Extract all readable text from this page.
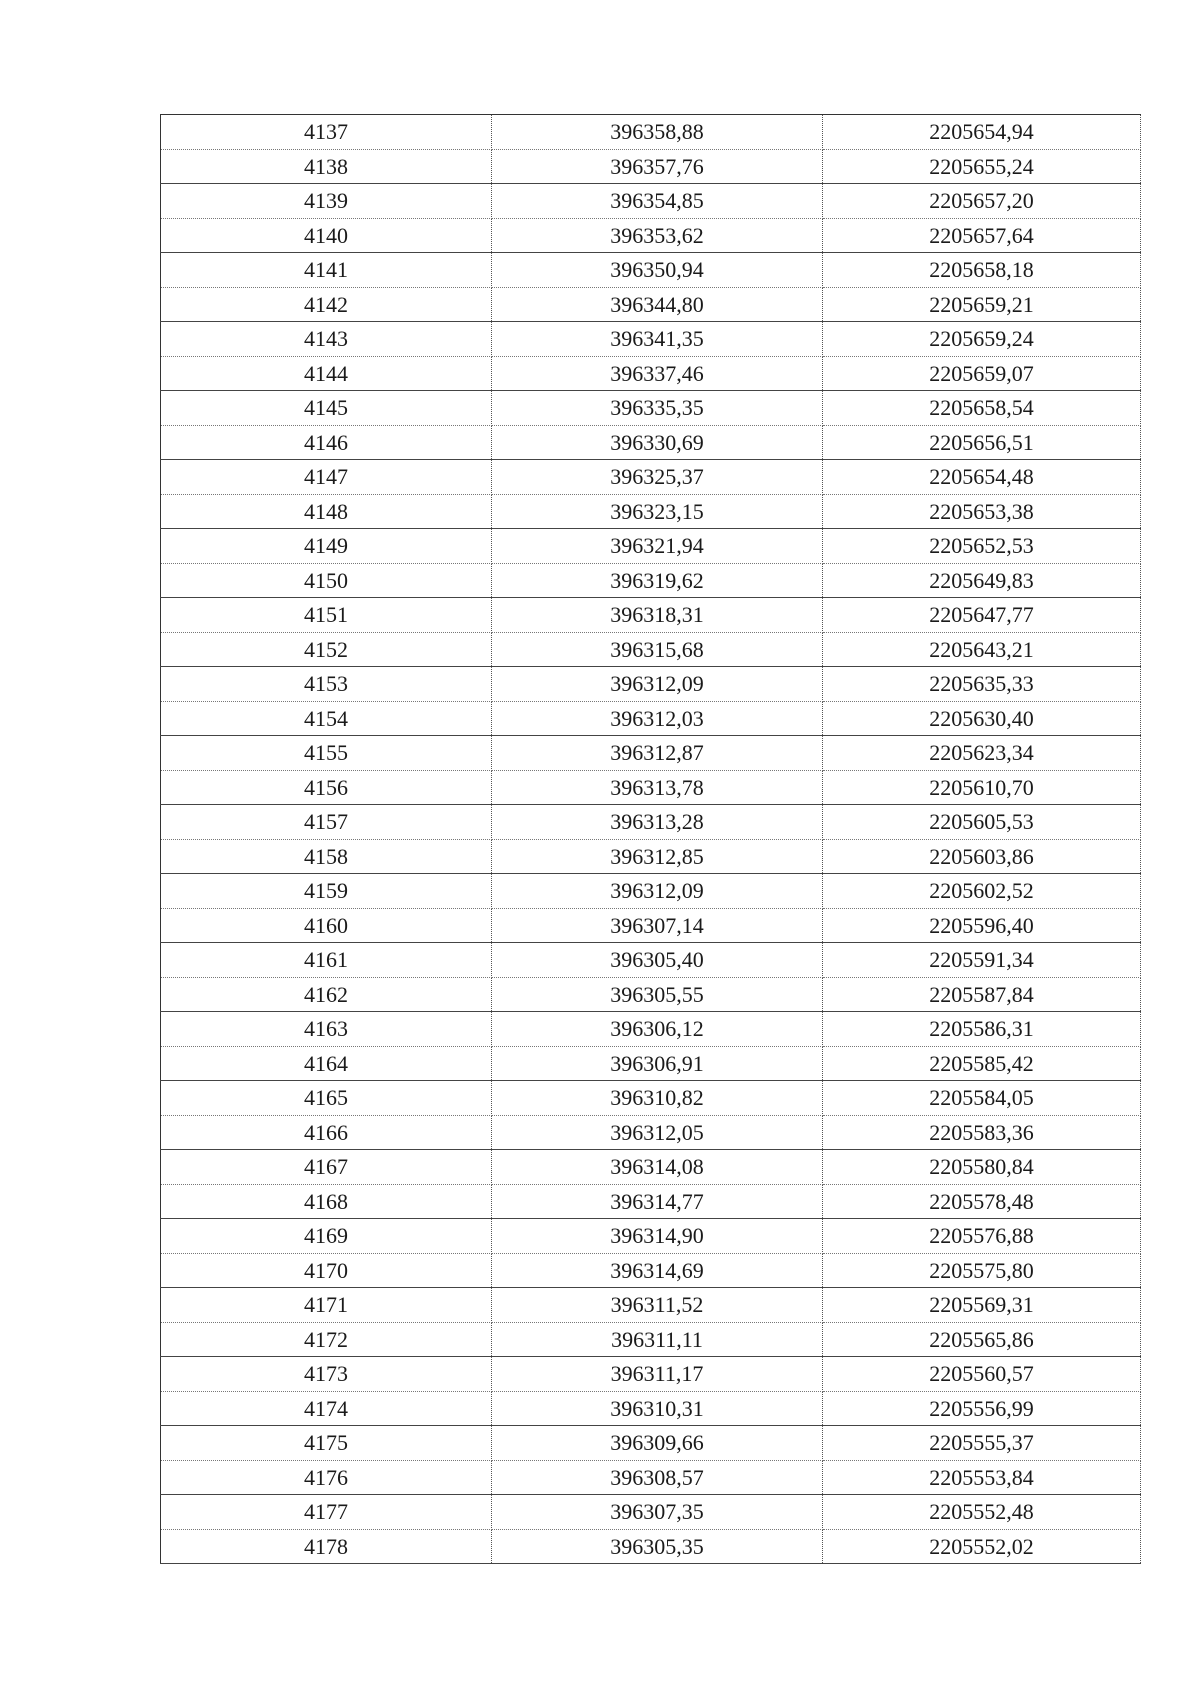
4137	396358,88	2205654,94
4138	396357,76	2205655,24
4139	396354,85	2205657,20
4140	396353,62	2205657,64
4141	396350,94	2205658,18
4142	396344,80	2205659,21
4143	396341,35	2205659,24
4144	396337,46	2205659,07
4145	396335,35	2205658,54
4146	396330,69	2205656,51
4147	396325,37	2205654,48
4148	396323,15	2205653,38
4149	396321,94	2205652,53
4150	396319,62	2205649,83
4151	396318,31	2205647,77
4152	396315,68	2205643,21
4153	396312,09	2205635,33
4154	396312,03	2205630,40
4155	396312,87	2205623,34
4156	396313,78	2205610,70
4157	396313,28	2205605,53
4158	396312,85	2205603,86
4159	396312,09	2205602,52
4160	396307,14	2205596,40
4161	396305,40	2205591,34
4162	396305,55	2205587,84
4163	396306,12	2205586,31
4164	396306,91	2205585,42
4165	396310,82	2205584,05
4166	396312,05	2205583,36
4167	396314,08	2205580,84
4168	396314,77	2205578,48
4169	396314,90	2205576,88
4170	396314,69	2205575,80
4171	396311,52	2205569,31
4172	396311,11	2205565,86
4173	396311,17	2205560,57
4174	396310,31	2205556,99
4175	396309,66	2205555,37
4176	396308,57	2205553,84
4177	396307,35	2205552,48
4178	396305,35	2205552,02
